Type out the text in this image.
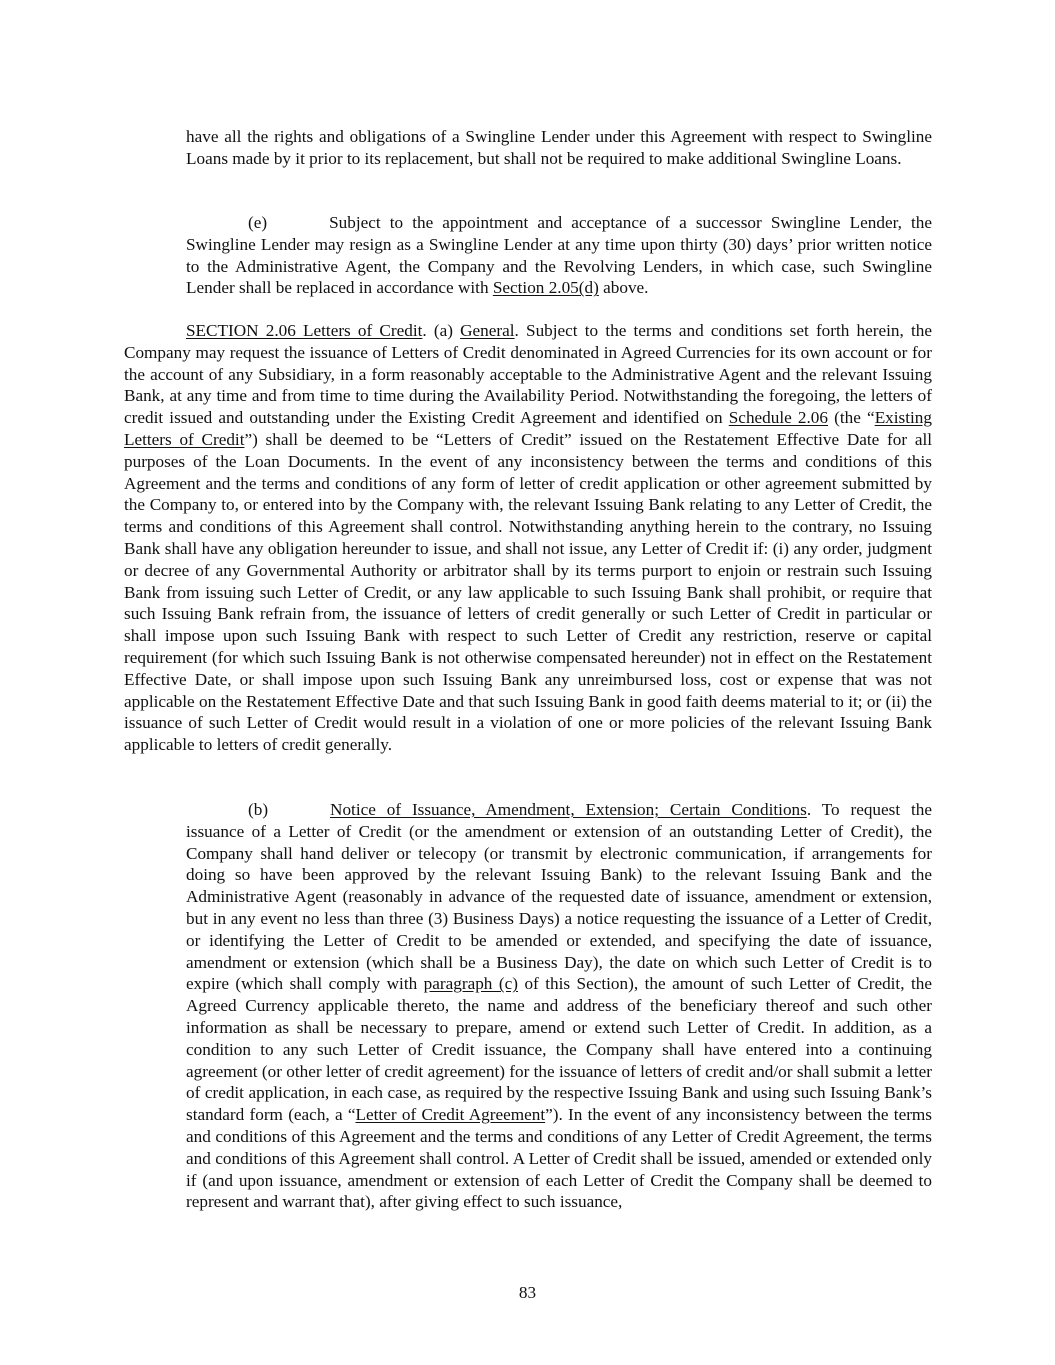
have all the rights and obligations of a Swingline Lender under this Agreement with respect to Swingline Loans made by it prior to its replacement, but shall not be required to make additional Swingline Loans.

(e)	Subject to the appointment and acceptance of a successor Swingline Lender, the Swingline Lender may resign as a Swingline Lender at any time upon thirty (30) days’ prior written notice to the Administrative Agent, the Company and the Revolving Lenders, in which case, such Swingline Lender shall be replaced in accordance with Section 2.05(d) above.

SECTION 2.06 Letters of Credit. (a) General. Subject to the terms and conditions set forth herein, the Company may request the issuance of Letters of Credit denominated in Agreed Currencies for its own account or for the account of any Subsidiary, in a form reasonably acceptable to the Administrative Agent and the relevant Issuing Bank, at any time and from time to time during the Availability Period. Notwithstanding the foregoing, the letters of credit issued and outstanding under the Existing Credit Agreement and identified on Schedule 2.06 (the “Existing Letters of Credit”) shall be deemed to be “Letters of Credit” issued on the Restatement Effective Date for all purposes of the Loan Documents. In the event of any inconsistency between the terms and conditions of this Agreement and the terms and conditions of any form of letter of credit application or other agreement submitted by the Company to, or entered into by the Company with, the relevant Issuing Bank relating to any Letter of Credit, the terms and conditions of this Agreement shall control. Notwithstanding anything herein to the contrary, no Issuing Bank shall have any obligation hereunder to issue, and shall not issue, any Letter of Credit if: (i) any order, judgment or decree of any Governmental Authority or arbitrator shall by its terms purport to enjoin or restrain such Issuing Bank from issuing such Letter of Credit, or any law applicable to such Issuing Bank shall prohibit, or require that such Issuing Bank refrain from, the issuance of letters of credit generally or such Letter of Credit in particular or shall impose upon such Issuing Bank with respect to such Letter of Credit any restriction, reserve or capital requirement (for which such Issuing Bank is not otherwise compensated hereunder) not in effect on the Restatement Effective Date, or shall impose upon such Issuing Bank any unreimbursed loss, cost or expense that was not applicable on the Restatement Effective Date and that such Issuing Bank in good faith deems material to it; or (ii) the issuance of such Letter of Credit would result in a violation of one or more policies of the relevant Issuing Bank applicable to letters of credit generally.

(b)	Notice of Issuance, Amendment, Extension; Certain Conditions. To request the issuance of a Letter of Credit (or the amendment or extension of an outstanding Letter of Credit), the Company shall hand deliver or telecopy (or transmit by electronic communication, if arrangements for doing so have been approved by the relevant Issuing Bank) to the relevant Issuing Bank and the Administrative Agent (reasonably in advance of the requested date of issuance, amendment or extension, but in any event no less than three (3) Business Days) a notice requesting the issuance of a Letter of Credit, or identifying the Letter of Credit to be amended or extended, and specifying the date of issuance, amendment or extension (which shall be a Business Day), the date on which such Letter of Credit is to expire (which shall comply with paragraph (c) of this Section), the amount of such Letter of Credit, the Agreed Currency applicable thereto, the name and address of the beneficiary thereof and such other information as shall be necessary to prepare, amend or extend such Letter of Credit. In addition, as a condition to any such Letter of Credit issuance, the Company shall have entered into a continuing agreement (or other letter of credit agreement) for the issuance of letters of credit and/or shall submit a letter of credit application, in each case, as required by the respective Issuing Bank and using such Issuing Bank’s standard form (each, a “Letter of Credit Agreement”). In the event of any inconsistency between the terms and conditions of this Agreement and the terms and conditions of any Letter of Credit Agreement, the terms and conditions of this Agreement shall control. A Letter of Credit shall be issued, amended or extended only if (and upon issuance, amendment or extension of each Letter of Credit the Company shall be deemed to represent and warrant that), after giving effect to such issuance,

83
